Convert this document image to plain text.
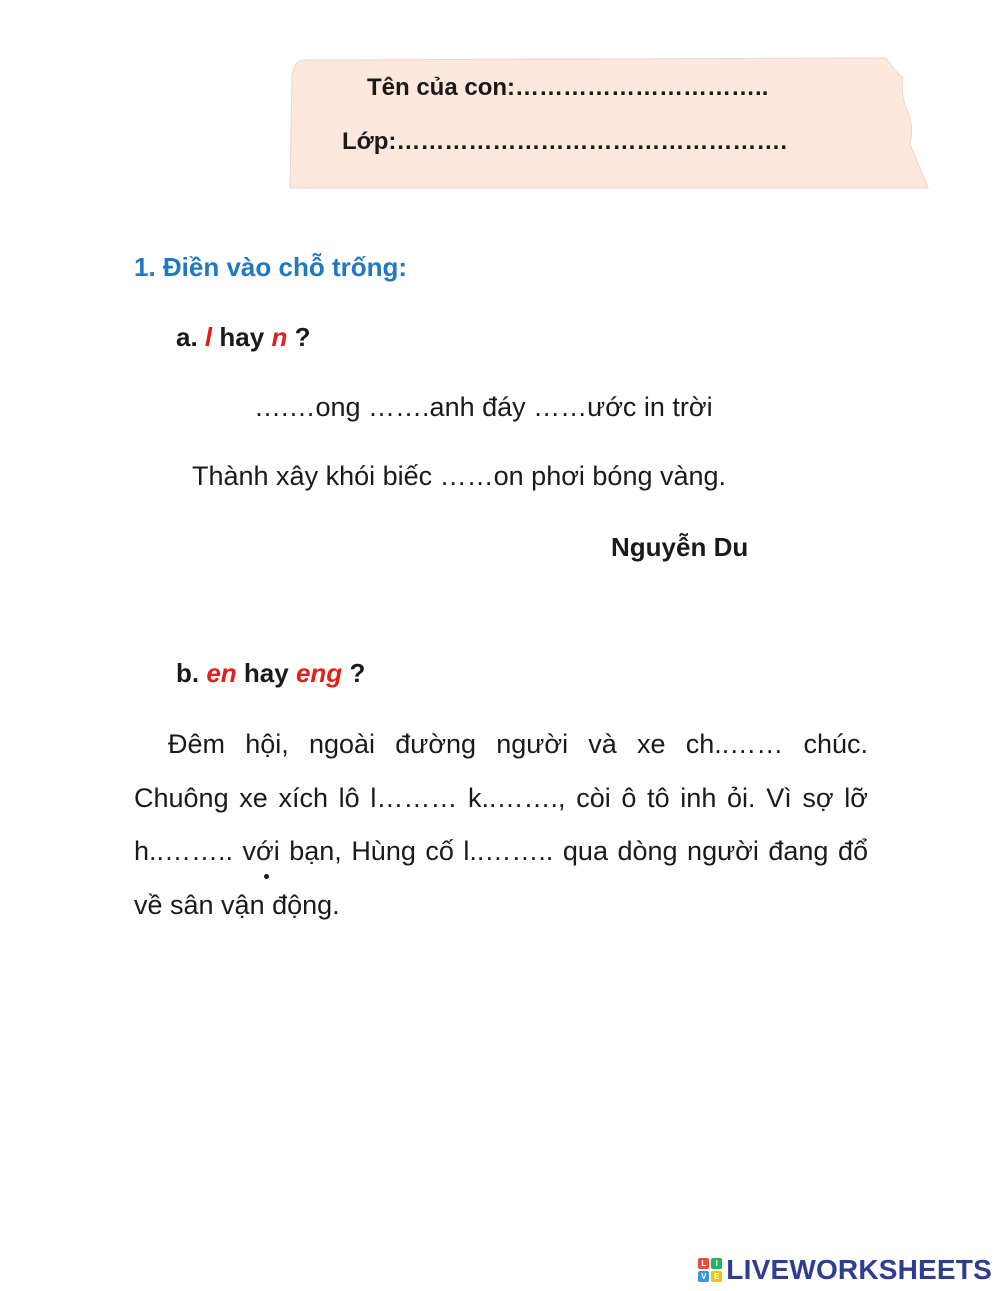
Tên của con:…………………………..
Lớp:………………………………………….
1. Điền vào chỗ trống:
a. l hay n ?
….…ong …….anh đáy ……ước in trời
Thành xây khói biếc ……on phơi bóng vàng.
Nguyễn Du
b. en hay eng ?
Đêm hội, ngoài đường người và xe ch..…… chúc. Chuông xe xích lô l……… k..……., còi ô tô inh ỏi. Vì sợ lỡ h..…….. với bạn, Hùng cố l..…….. qua dòng người đang đổ về sân vận động.
L	I
V E LIVEWORKSHEETS
